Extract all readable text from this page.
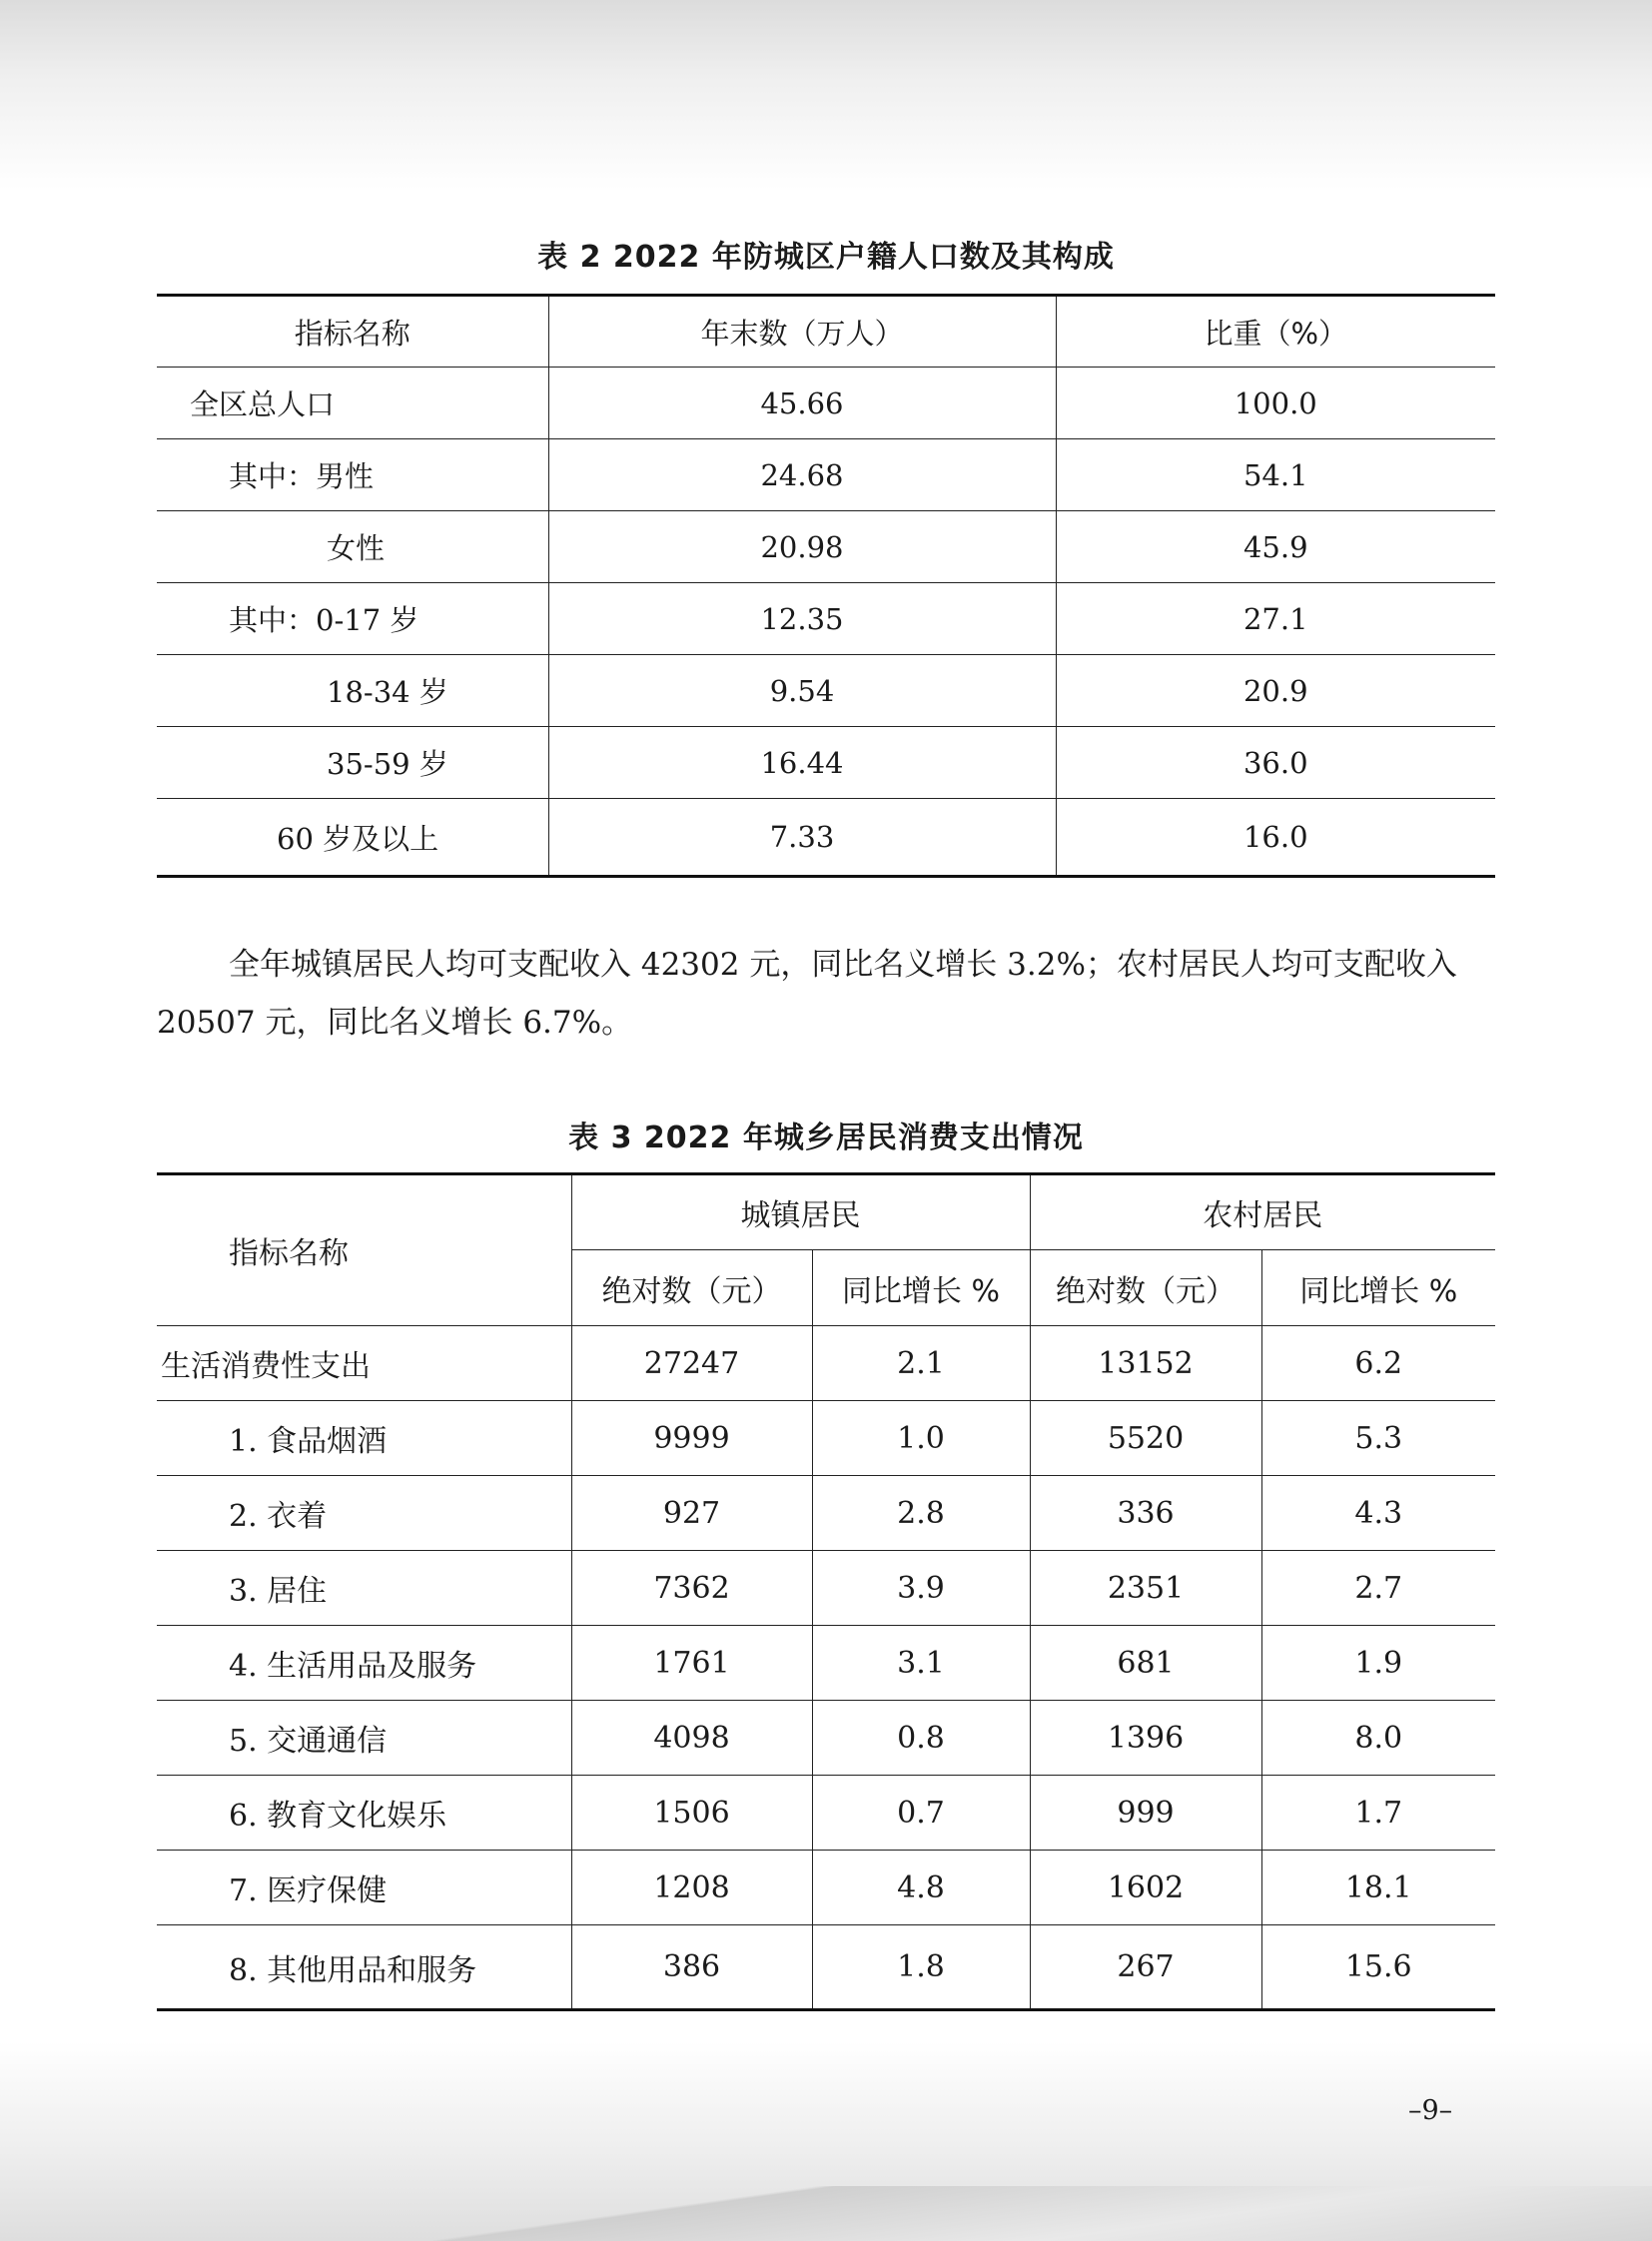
表 2 2022 年防城区户籍人口数及其构成
指标名称	年末数（万人）	比重（%）
全区总人口	45.66	100.0
其中：男性	24.68	54.1
女性	20.98	45.9
其中：0-17 岁	12.35	27.1
18-34 岁	9.54	20.9
35-59 岁	16.44	36.0
60 岁及以上	7.33	16.0

全年城镇居民人均可支配收入 42302 元，同比名义增长 3.2%；农村居民人均可支配收入 20507 元，同比名义增长 6.7%。

表 3 2022 年城乡居民消费支出情况
指标名称	城镇居民		农村居民	
	绝对数（元）	同比增长 %	绝对数（元）	同比增长 %
生活消费性支出	27247	2.1	13152	6.2
1. 食品烟酒	9999	1.0	5520	5.3
2. 衣着	927	2.8	336	4.3
3. 居住	7362	3.9	2351	2.7
4. 生活用品及服务	1761	3.1	681	1.9
5. 交通通信	4098	0.8	1396	8.0
6. 教育文化娱乐	1506	0.7	999	1.7
7. 医疗保健	1208	4.8	1602	18.1
8. 其他用品和服务	386	1.8	267	15.6
–9–
